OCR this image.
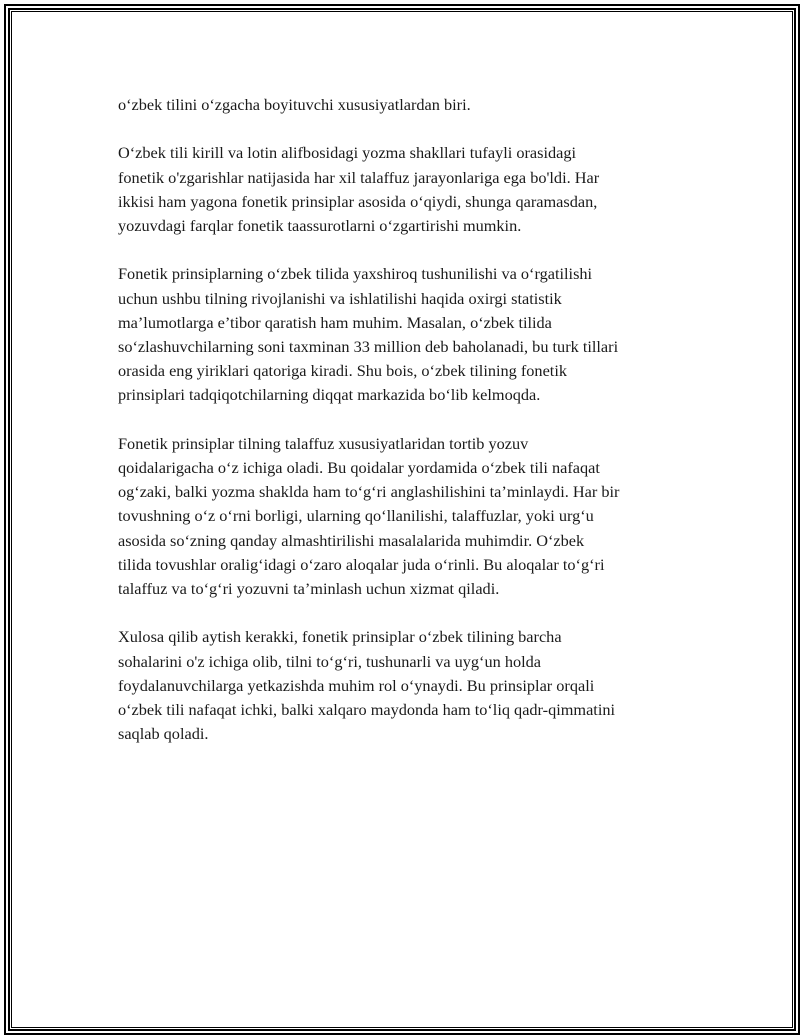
o‘zbek tilini o‘zgacha boyituvchi xususiyatlardan biri.

O‘zbek tili kirill va lotin alifbosidagi yozma shakllari tufayli orasidagi
fonetik o'zgarishlar natijasida har xil talaffuz jarayonlariga ega bo'ldi. Har
ikkisi ham yagona fonetik prinsiplar asosida o‘qiydi, shunga qaramasdan,
yozuvdagi farqlar fonetik taassurotlarni o‘zgartirishi mumkin.

Fonetik prinsiplarning o‘zbek tilida yaxshiroq tushunilishi va o‘rgatilishi
uchun ushbu tilning rivojlanishi va ishlatilishi haqida oxirgi statistik
ma’lumotlarga e’tibor qaratish ham muhim. Masalan, o‘zbek tilida
so‘zlashuvchilarning soni taxminan 33 million deb baholanadi, bu turk tillari
orasida eng yiriklari qatoriga kiradi. Shu bois, o‘zbek tilining fonetik
prinsiplari tadqiqotchilarning diqqat markazida bo‘lib kelmoqda.

Fonetik prinsiplar tilning talaffuz xususiyatlaridan tortib yozuv
qoidalarigacha o‘z ichiga oladi. Bu qoidalar yordamida o‘zbek tili nafaqat
og‘zaki, balki yozma shaklda ham to‘g‘ri anglashilishini ta’minlaydi. Har bir
tovushning o‘z o‘rni borligi, ularning qo‘llanilishi, talaffuzlar, yoki urg‘u
asosida so‘zning qanday almashtirilishi masalalarida muhimdir. O‘zbek
tilida tovushlar oralig‘idagi o‘zaro aloqalar juda o‘rinli. Bu aloqalar to‘g‘ri
talaffuz va to‘g‘ri yozuvni ta’minlash uchun xizmat qiladi.

Xulosa qilib aytish kerakki, fonetik prinsiplar o‘zbek tilining barcha
sohalarini o'z ichiga olib, tilni to‘g‘ri, tushunarli va uyg‘un holda
foydalanuvchilarga yetkazishda muhim rol o‘ynaydi. Bu prinsiplar orqali
o‘zbek tili nafaqat ichki, balki xalqaro maydonda ham to‘liq qadr-qimmatini
saqlab qoladi.
